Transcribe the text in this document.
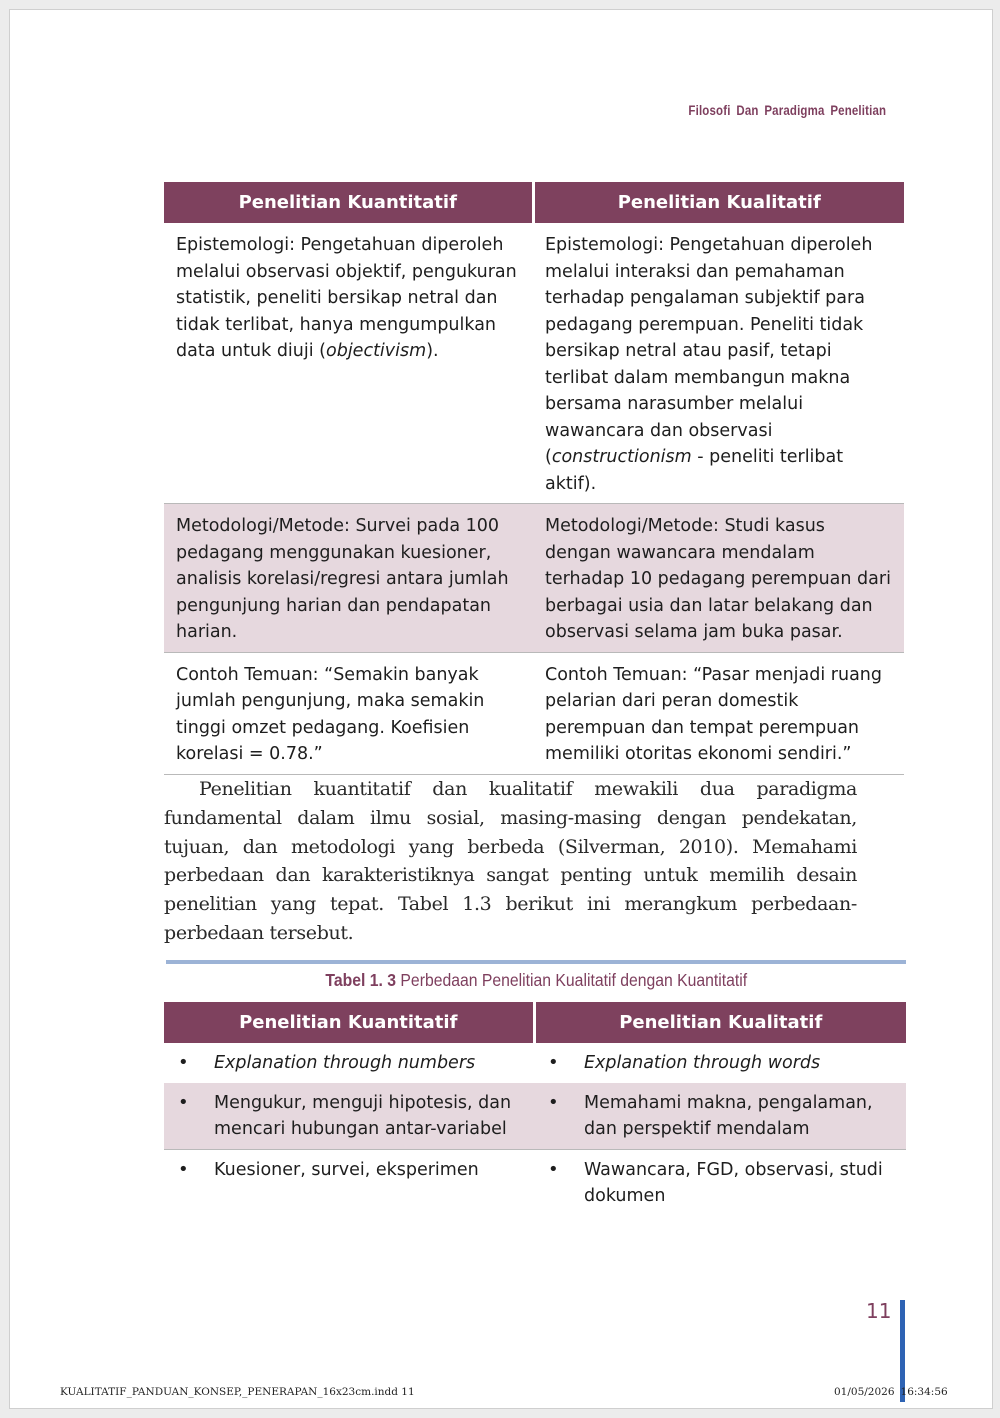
Filosofi Dan Paradigma Penelitian
Penelitian Kuantitatif	Penelitian Kualitatif
Epistemologi: Pengetahuan diperoleh melalui observasi objektif, pengukuran statistik, peneliti bersikap netral dan tidak terlibat, hanya mengumpulkan data untuk diuji (objectivism).	Epistemologi: Pengetahuan diperoleh melalui interaksi dan pemahaman terhadap pengalaman subjektif para pedagang perempuan. Peneliti tidak bersikap netral atau pasif, tetapi terlibat dalam membangun makna bersama narasumber melalui wawancara dan observasi (constructionism - peneliti terlibat aktif).
Metodologi/Metode: Survei pada 100 pedagang menggunakan kuesioner, analisis korelasi/regresi antara jumlah pengunjung harian dan pendapatan harian.	Metodologi/Metode: Studi kasus dengan wawancara mendalam terhadap 10 pedagang perempuan dari berbagai usia dan latar belakang dan observasi selama jam buka pasar.
Contoh Temuan: “Semakin banyak jumlah pengunjung, maka semakin tinggi omzet pedagang. Koefisien korelasi = 0.78.”	Contoh Temuan: “Pasar menjadi ruang pelarian dari peran domestik perempuan dan tempat perempuan memiliki otoritas ekonomi sendiri.”

Penelitian kuantitatif dan kualitatif mewakili dua paradigma fundamental dalam ilmu sosial, masing-masing dengan pendekatan, tujuan, dan metodologi yang berbeda (Silverman, 2010). Memahami perbedaan dan karakteristiknya sangat penting untuk memilih desain penelitian yang tepat. Tabel 1.3 berikut ini merangkum perbedaan-perbedaan tersebut.

Tabel 1. 3 Perbedaan Penelitian Kualitatif dengan Kuantitatif
Penelitian Kuantitatif	Penelitian Kualitatif

• Explanation through numbers	• Explanation through words

• Mengukur, menguji hipotesis, dan mencari hubungan antar-variabel	• Memahami makna, pengalaman, dan perspektif mendalam

• Kuesioner, survei, eksperimen	• Wawancara, FGD, observasi, studi dokumen
11
KUALITATIF_PANDUAN_KONSEP,_PENERAPAN_16x23cm.indd 11	01/05/2026 16:34:56
